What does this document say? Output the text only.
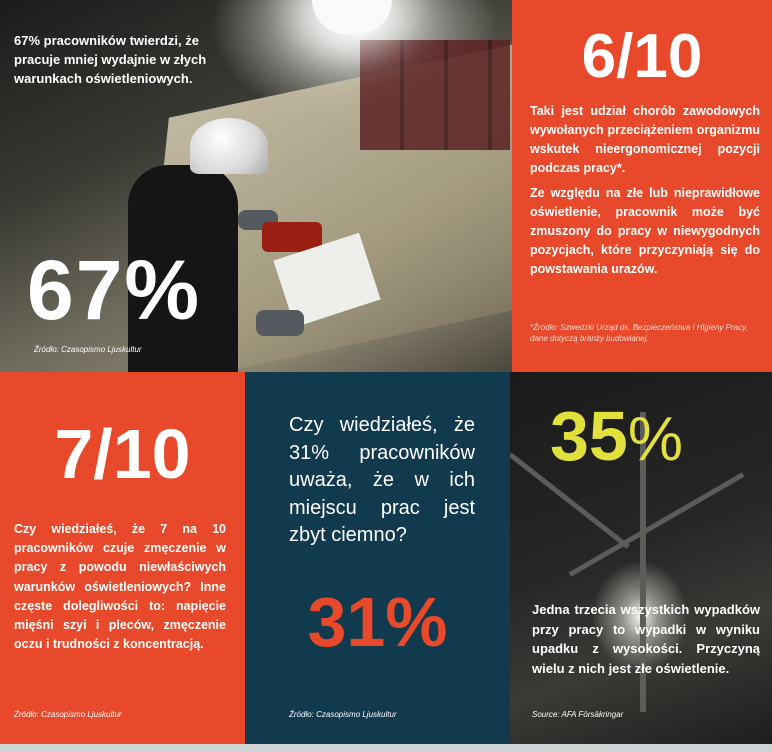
67% pracowników twierdzi, że pracuje mniej wydajnie w złych warunkach oświetleniowych.
67%
Źródło: Czasopismo Ljuskultur
6/10
Taki jest udział chorób zawodowych wywołanych przeciążeniem organizmu wskutek nieergonomicznej pozycji podczas pracy*.
Ze względu na złe lub nieprawidłowe oświetlenie, pracownik może być zmuszony do pracy w niewygodnych pozycjach, które przyczyniają się do powstawania urazów.
*Źródło: Szwedzki Urząd ds. Bezpieczeństwa i Higieny Pracy, dane dotyczą branży budowlanej.
7/10
Czy wiedziałeś, że 7 na 10 pracowników czuje zmęczenie w pracy z powodu niewłaściwych warunków oświetleniowych? Inne częste dolegliwości to: napięcie mięśni szyi i pleców, zmęczenie oczu i trudności z koncentracją.
Źródło: Czasopismo Ljuskultur
Czy wiedziałeś, że 31% pracowników uważa, że w ich miejscu prac jest zbyt ciemno?
31%
Źródło: Czasopismo Ljuskultur
35%
Jedna trzecia wszystkich wypadków przy pracy to wypadki w wyniku upadku z wysokości. Przyczyną wielu z nich jest złe oświetlenie.
Source: AFA Försäkringar
